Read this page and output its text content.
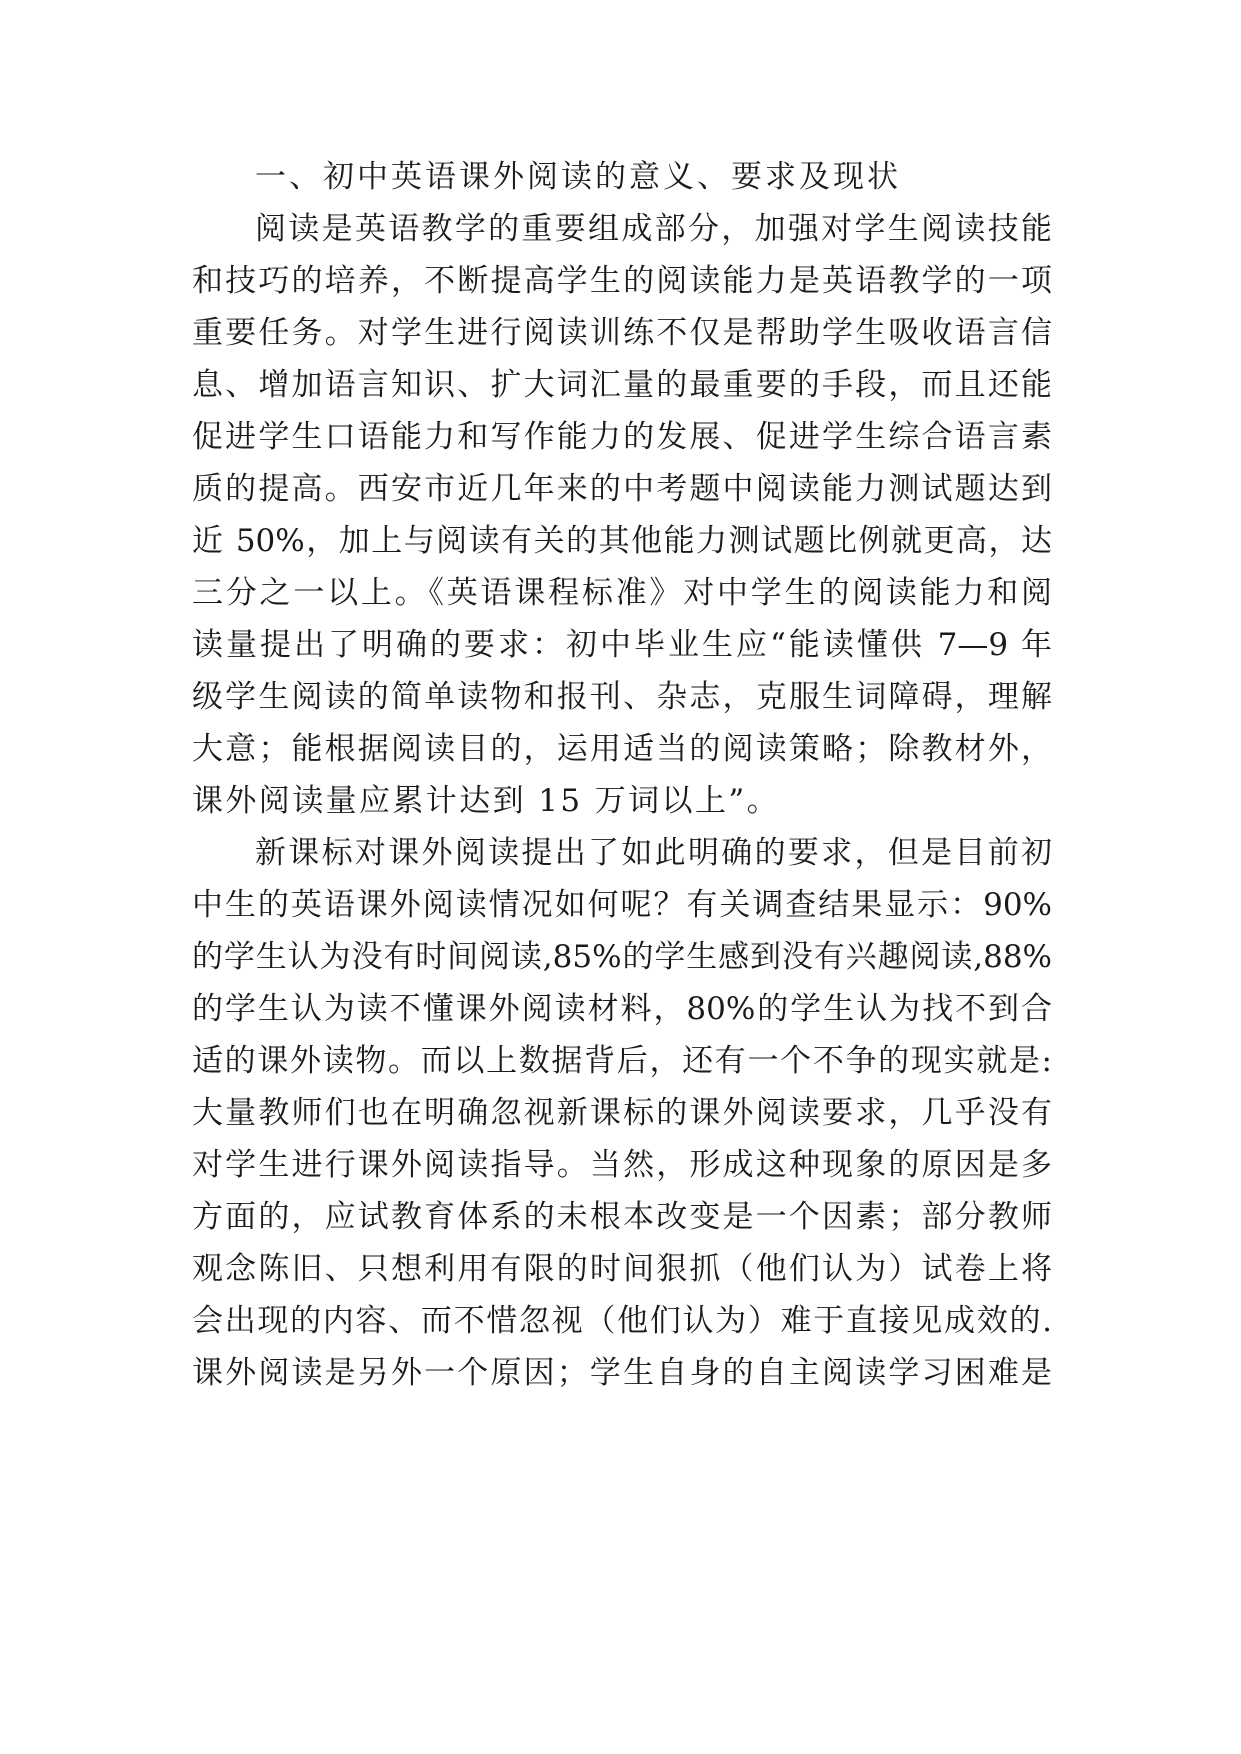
一、初中英语课外阅读的意义、要求及现状
阅读是英语教学的重要组成部分，加强对学生阅读技能
和技巧的培养，不断提高学生的阅读能力是英语教学的一项
重要任务。对学生进行阅读训练不仅是帮助学生吸收语言信
息、增加语言知识、扩大词汇量的最重要的手段，而且还能
促进学生口语能力和写作能力的发展、促进学生综合语言素
质的提高。西安市近几年来的中考题中阅读能力测试题达到
近 50%，加上与阅读有关的其他能力测试题比例就更高，达
三分之一以上。《英语课程标准》对中学生的阅读能力和阅
读量提出了明确的要求：初中毕业生应“能读懂供 7—9 年
级学生阅读的简单读物和报刊、杂志，克服生词障碍，理解
大意；能根据阅读目的，运用适当的阅读策略；除教材外，
课外阅读量应累计达到 15 万词以上”。
新课标对课外阅读提出了如此明确的要求，但是目前初
中生的英语课外阅读情况如何呢？有关调查结果显示：90%
的学生认为没有时间阅读,85%的学生感到没有兴趣阅读,88%
的学生认为读不懂课外阅读材料，80%的学生认为找不到合
适的课外读物。而以上数据背后，还有一个不争的现实就是:
大量教师们也在明确忽视新课标的课外阅读要求，几乎没有
对学生进行课外阅读指导。当然，形成这种现象的原因是多
方面的，应试教育体系的未根本改变是一个因素；部分教师
观念陈旧、只想利用有限的时间狠抓（他们认为）试卷上将
会出现的内容、而不惜忽视（他们认为）难于直接见成效的.
课外阅读是另外一个原因；学生自身的自主阅读学习困难是
